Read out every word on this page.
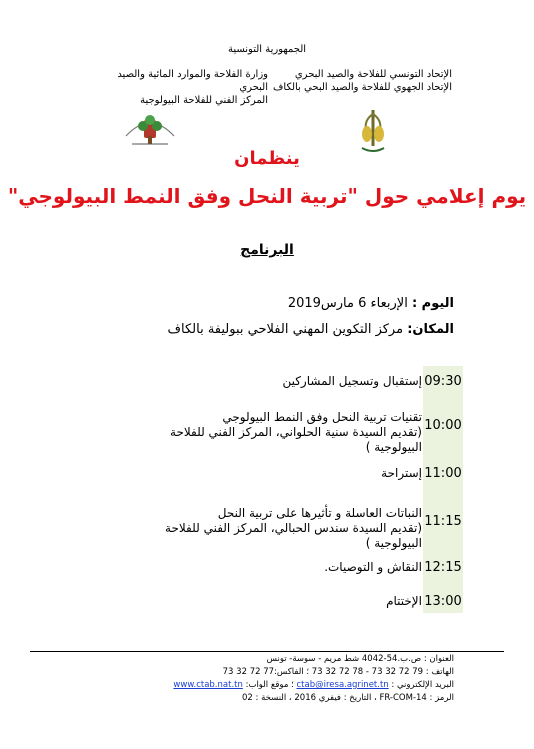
الجمهورية التونسية
الإتحاد التونسي للفلاحة والصيد البحري
الإتحاد الجهوي للفلاحة والصيد البحي بالكاف
وزارة الفلاحة والموارد المائية والصيد البحري
المركز الفني للفلاحة البيولوجية
ينظمان
يوم إعلامي حول "تربية النحل وفق النمط البيولوجي"
البرنامج
اليوم : الإربعاء 6 مارس2019
المكان: مركز التكوين المهني الفلاحي ببوليفة بالكاف
09:30
إستقبال وتسجيل المشاركين
10:00
تقنيات تربية النحل وفق النمط البيولوجي
(تقديم السيدة سنية الحلواني، المركز الفني للفلاحة البيولوجية )
11:00
إستراحة
11:15
النباتات العاسلة و تأثيرها على تربية النحل
(تقديم السيدة سندس الحبالي، المركز الفني للفلاحة البيولوجية )
12:15
النقاش و التوصيات.
13:00
الإختتام
العنوان : ص.ب.54-4042 شط مريم - سوسة- تونس
الهاتف : 79 72 32 73 - 78 72 32 73 ؛ الفاكس:77 72 32 73
البريد الإلكتروني : ctab@iresa.agrinet.tn ؛ موقع الواب: www.ctab.nat.tn
الرمز : FR-COM-14 ، التاريخ : فيفري 2016 ، النسخة : 02
